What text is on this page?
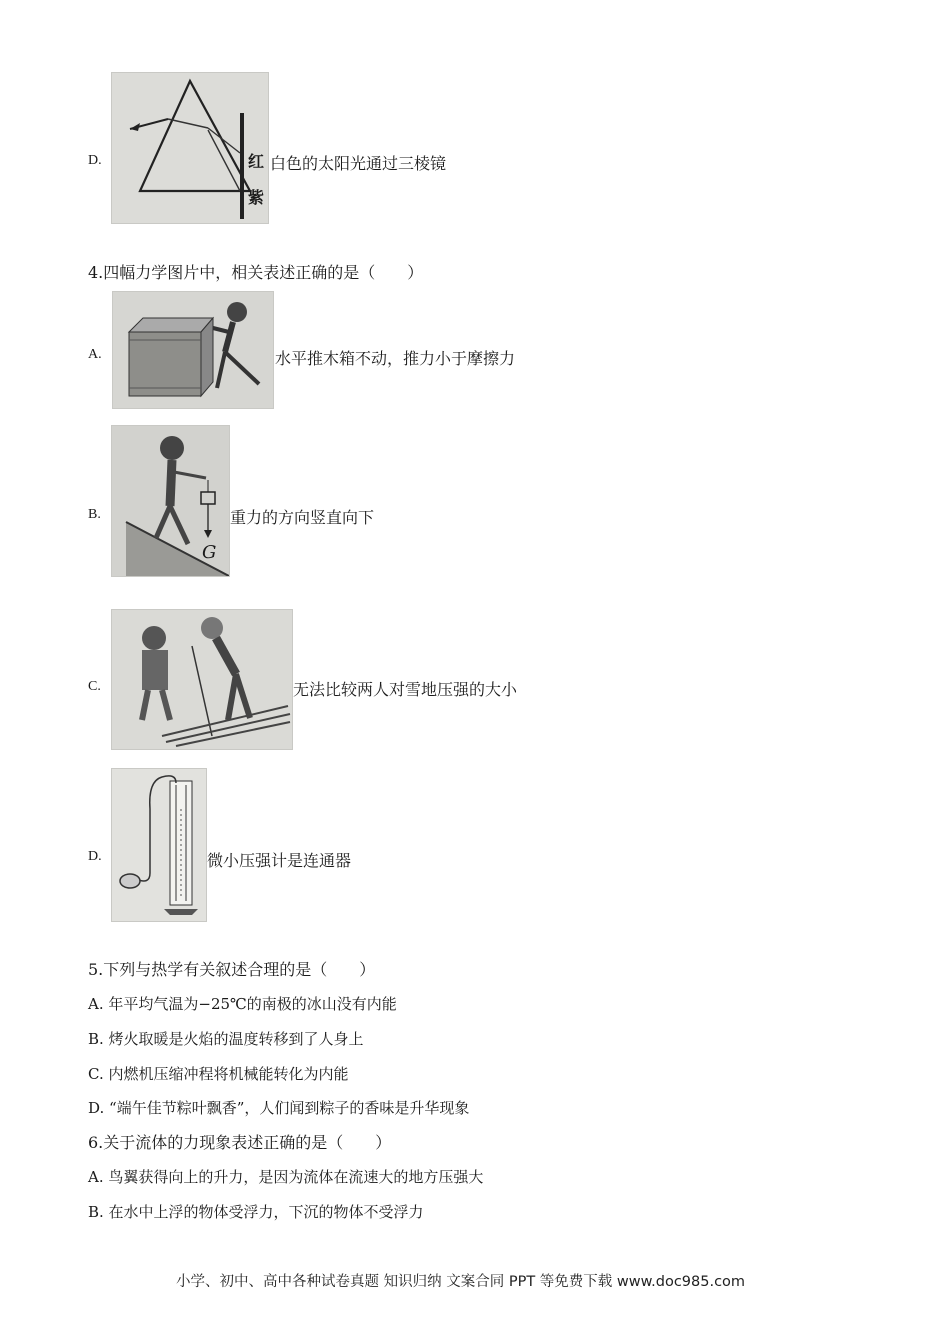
D.	红
紫
白色的太阳光通过三棱镜
4.四幅力学图片中，相关表述正确的是（　　）
A.	水平推木箱不动，推力小于摩擦力
B.
G
重力的方向竖直向下
C.	无法比较两人对雪地压强的大小
D.	微小压强计是连通器
5.下列与热学有关叙述合理的是（　　）
A. 年平均气温为−25℃的南极的冰山没有内能
B. 烤火取暖是火焰的温度转移到了人身上
C. 内燃机压缩冲程将机械能转化为内能
D. “端午佳节粽叶飘香”，人们闻到粽子的香味是升华现象
6.关于流体的力现象表述正确的是（　　）
A. 鸟翼获得向上的升力，是因为流体在流速大的地方压强大
B. 在水中上浮的物体受浮力，下沉的物体不受浮力
小学、初中、高中各种试卷真题 知识归纳 文案合同 PPT 等免费下载 www.doc985.com
